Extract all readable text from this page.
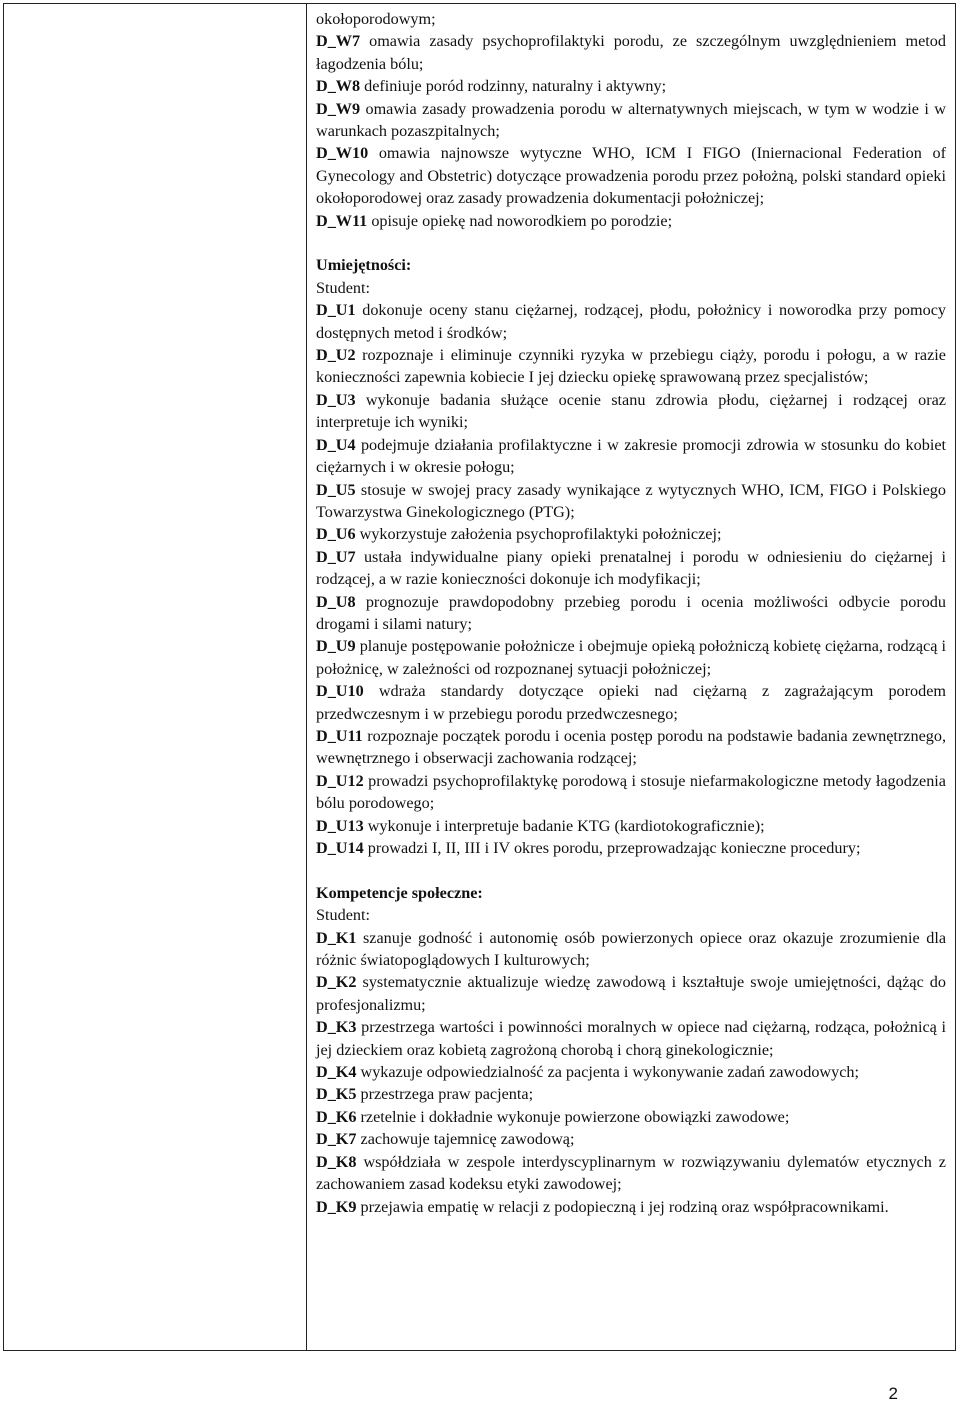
okołoporodowym;

D_W7 omawia zasady psychoprofilaktyki porodu, ze szczególnym uwzględnieniem metod łagodzenia bólu;

D_W8 definiuje poród rodzinny, naturalny i aktywny;

D_W9 omawia zasady prowadzenia porodu w alternatywnych miejscach, w tym w wodzie i w warunkach pozaszpitalnych;

D_W10 omawia najnowsze wytyczne WHO, ICM I FIGO (Iniernacional Federation of Gynecology and Obstetric) dotyczące prowadzenia porodu przez położną, polski standard opieki okołoporodowej oraz zasady prowadzenia dokumentacji położniczej;

D_W11 opisuje opiekę nad noworodkiem po porodzie;

Umiejętności:

Student:

D_U1 dokonuje oceny stanu ciężarnej, rodzącej, płodu, położnicy i noworodka przy pomocy dostępnych metod i środków;

D_U2 rozpoznaje i eliminuje czynniki ryzyka w przebiegu ciąży, porodu i połogu, a w razie konieczności zapewnia kobiecie I jej dziecku opiekę sprawowaną przez specjalistów;

D_U3 wykonuje badania służące ocenie stanu zdrowia płodu, ciężarnej i rodzącej oraz interpretuje ich wyniki;

D_U4 podejmuje działania profilaktyczne i w zakresie promocji zdrowia w stosunku do kobiet ciężarnych i w okresie połogu;

D_U5 stosuje w swojej pracy zasady wynikające z wytycznych WHO, ICM, FIGO i Polskiego Towarzystwa Ginekologicznego (PTG);

D_U6 wykorzystuje założenia psychoprofilaktyki położniczej;

D_U7 ustała indywidualne piany opieki prenatalnej i porodu w odniesieniu do ciężarnej i rodzącej, a w razie konieczności dokonuje ich modyfikacji;

D_U8 prognozuje prawdopodobny przebieg porodu i ocenia możliwości odbycie porodu drogami i silami natury;

D_U9 planuje postępowanie położnicze i obejmuje opieką położniczą kobietę ciężarna, rodzącą i położnicę, w zależności od rozpoznanej sytuacji położniczej;

D_U10 wdraża standardy dotyczące opieki nad ciężarną z zagrażającym porodem przedwczesnym i w przebiegu porodu przedwczesnego;

D_U11 rozpoznaje początek porodu i ocenia postęp porodu na podstawie badania zewnętrznego, wewnętrznego i obserwacji zachowania rodzącej;

D_U12 prowadzi psychoprofilaktykę porodową i stosuje niefarmakologiczne metody łagodzenia bólu porodowego;

D_U13 wykonuje i interpretuje badanie KTG (kardiotokograficznie);

D_U14 prowadzi I, II, III i IV okres porodu, przeprowadzając konieczne procedury;

Kompetencje społeczne:

Student:

D_K1 szanuje godność i autonomię osób powierzonych opiece oraz okazuje zrozumienie dla różnic światopoglądowych I kulturowych;

D_K2 systematycznie aktualizuje wiedzę zawodową i kształtuje swoje umiejętności, dążąc do profesjonalizmu;

D_K3 przestrzega wartości i powinności moralnych w opiece nad ciężarną, rodząca, położnicą i jej dzieckiem oraz kobietą zagrożoną chorobą i chorą ginekologicznie;

D_K4 wykazuje odpowiedzialność za pacjenta i wykonywanie zadań zawodowych;

D_K5 przestrzega praw pacjenta;

D_K6 rzetelnie i dokładnie wykonuje powierzone obowiązki zawodowe;

D_K7 zachowuje tajemnicę zawodową;

D_K8 współdziała w zespole interdyscyplinarnym w rozwiązywaniu dylematów etycznych z zachowaniem zasad kodeksu etyki zawodowej;

D_K9 przejawia empatię w relacji z podopieczną i jej rodziną oraz współpracownikami.

2
